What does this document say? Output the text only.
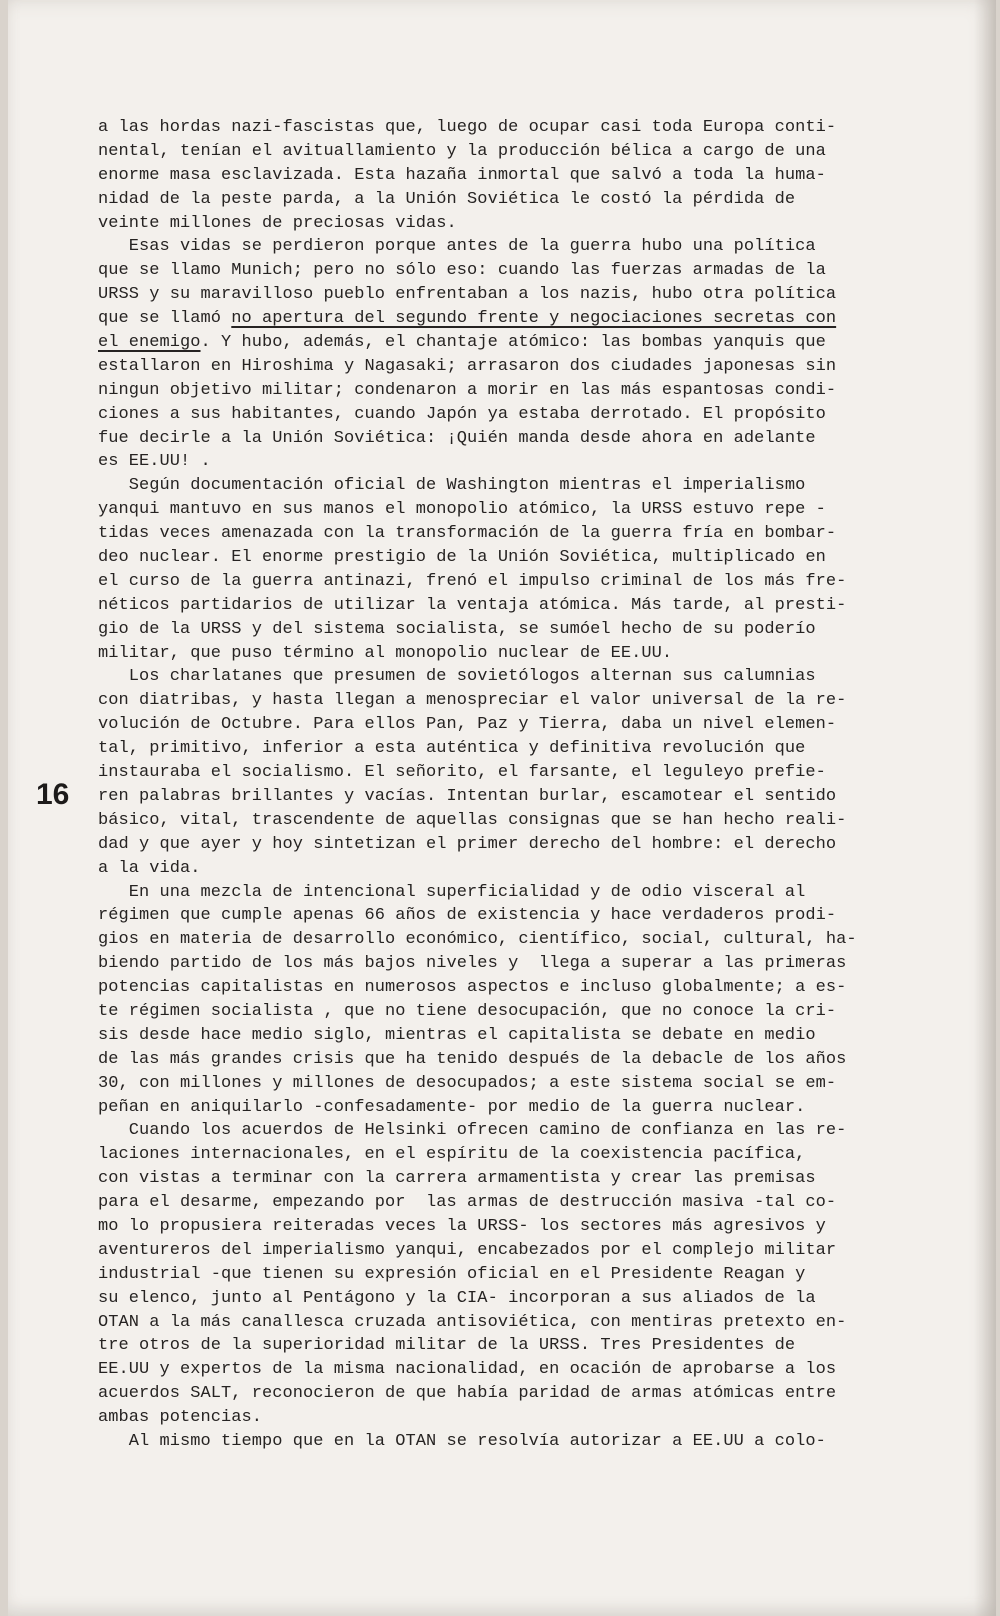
16
a las hordas nazi-fascistas que, luego de ocupar casi toda Europa conti-
nental, tenían el avituallamiento y la producción bélica a cargo de una
enorme masa esclavizada. Esta hazaña inmortal que salvó a toda la huma-
nidad de la peste parda, a la Unión Soviética le costó la pérdida de
veinte millones de preciosas vidas.
Esas vidas se perdieron porque antes de la guerra hubo una política
que se llamo Munich; pero no sólo eso: cuando las fuerzas armadas de la
URSS y su maravilloso pueblo enfrentaban a los nazis, hubo otra política
que se llamó no apertura del segundo frente y negociaciones secretas con
el enemigo. Y hubo, además, el chantaje atómico: las bombas yanquis que
estallaron en Hiroshima y Nagasaki; arrasaron dos ciudades japonesas sin
ningun objetivo militar; condenaron a morir en las más espantosas condi-
ciones a sus habitantes, cuando Japón ya estaba derrotado. El propósito
fue decirle a la Unión Soviética: ¡Quién manda desde ahora en adelante
es EE.UU! .
Según documentación oficial de Washington mientras el imperialismo
yanqui mantuvo en sus manos el monopolio atómico, la URSS estuvo repe -
tidas veces amenazada con la transformación de la guerra fría en bombar-
deo nuclear. El enorme prestigio de la Unión Soviética, multiplicado en
el curso de la guerra antinazi, frenó el impulso criminal de los más fre-
néticos partidarios de utilizar la ventaja atómica. Más tarde, al presti-
gio de la URSS y del sistema socialista, se sumóel hecho de su poderío
militar, que puso término al monopolio nuclear de EE.UU.
Los charlatanes que presumen de sovietólogos alternan sus calumnias
con diatribas, y hasta llegan a menospreciar el valor universal de la re-
volución de Octubre. Para ellos Pan, Paz y Tierra, daba un nivel elemen-
tal, primitivo, inferior a esta auténtica y definitiva revolución que
instauraba el socialismo. El señorito, el farsante, el leguleyo prefie-
ren palabras brillantes y vacías. Intentan burlar, escamotear el sentido
básico, vital, trascendente de aquellas consignas que se han hecho reali-
dad y que ayer y hoy sintetizan el primer derecho del hombre: el derecho
a la vida.
En una mezcla de intencional superficialidad y de odio visceral al
régimen que cumple apenas 66 años de existencia y hace verdaderos prodi-
gios en materia de desarrollo económico, científico, social, cultural, ha-
biendo partido de los más bajos niveles y  llega a superar a las primeras
potencias capitalistas en numerosos aspectos e incluso globalmente; a es-
te régimen socialista , que no tiene desocupación, que no conoce la cri-
sis desde hace medio siglo, mientras el capitalista se debate en medio
de las más grandes crisis que ha tenido después de la debacle de los años
30, con millones y millones de desocupados; a este sistema social se em-
peñan en aniquilarlo -confesadamente- por medio de la guerra nuclear.
Cuando los acuerdos de Helsinki ofrecen camino de confianza en las re-
laciones internacionales, en el espíritu de la coexistencia pacífica,
con vistas a terminar con la carrera armamentista y crear las premisas
para el desarme, empezando por  las armas de destrucción masiva -tal co-
mo lo propusiera reiteradas veces la URSS- los sectores más agresivos y
aventureros del imperialismo yanqui, encabezados por el complejo militar
industrial -que tienen su expresión oficial en el Presidente Reagan y
su elenco, junto al Pentágono y la CIA- incorporan a sus aliados de la
OTAN a la más canallesca cruzada antisoviética, con mentiras pretexto en-
tre otros de la superioridad militar de la URSS. Tres Presidentes de
EE.UU y expertos de la misma nacionalidad, en ocación de aprobarse a los
acuerdos SALT, reconocieron de que había paridad de armas atómicas entre
ambas potencias.
Al mismo tiempo que en la OTAN se resolvía autorizar a EE.UU a colo-
